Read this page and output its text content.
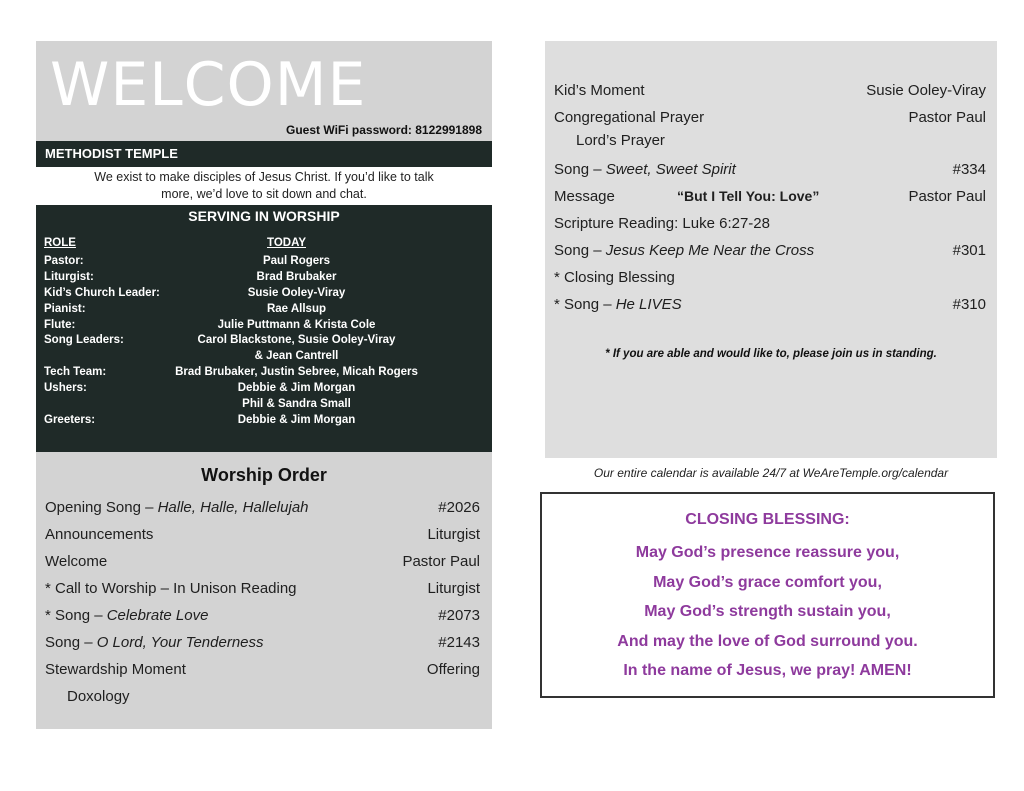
WELCOME
Guest WiFi password: 8122991898
METHODIST TEMPLE
We exist to make disciples of Jesus Christ. If you’d like to talk
more, we’d love to sit down and chat.
SERVING IN WORSHIP
ROLE	TODAY
Pastor:	Paul Rogers
Liturgist:	Brad Brubaker
Kid’s Church Leader:	Susie Ooley-Viray
Pianist:	Rae Allsup
Flute:	Julie Puttmann & Krista Cole
Song Leaders:	Carol Blackstone, Susie Ooley-Viray
& Jean Cantrell
Tech Team:	Brad Brubaker, Justin Sebree, Micah Rogers
Ushers:	Debbie & Jim Morgan
Phil & Sandra Small
Greeters:	Debbie & Jim Morgan
Worship Order
Opening Song – Halle, Halle, Hallelujah	#2026
Announcements	Liturgist
Welcome	Pastor Paul
* Call to Worship – In Unison Reading	Liturgist
* Song – Celebrate Love	#2073
Song – O Lord, Your Tenderness	#2143
Stewardship Moment	Offering
Doxology
Kid’s Moment	Susie Ooley-Viray
Congregational Prayer	Pastor Paul
Lord’s Prayer
Song – Sweet, Sweet Spirit	#334
Message	“But I Tell You: Love”	Pastor Paul
Scripture Reading: Luke 6:27-28
Song – Jesus Keep Me Near the Cross	#301
* Closing Blessing
* Song – He LIVES	#310
* If you are able and would like to, please join us in standing.
Our entire calendar is available 24/7 at WeAreTemple.org/calendar
CLOSING BLESSING:
May God’s presence reassure you,
May God’s grace comfort you,
May God’s strength sustain you,
And may the love of God surround you.
In the name of Jesus, we pray! AMEN!
